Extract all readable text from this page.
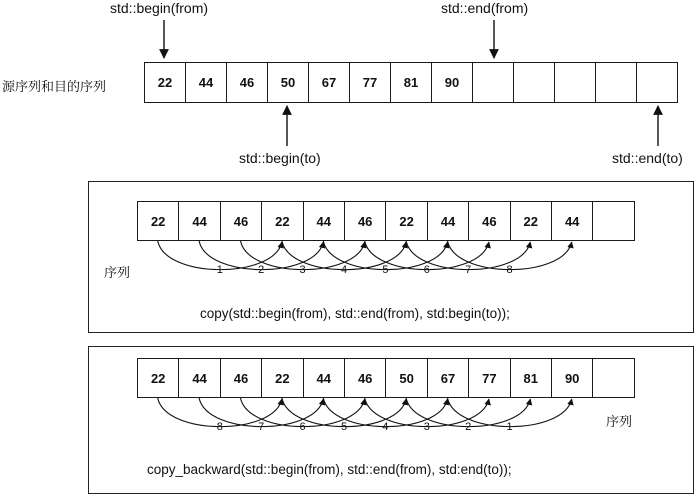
源序列和目的序列
std::begin(from)	std::end(from)
std::begin(to)	std::end(to)
22	44	46	50	67	77	81	90
22	44	46	22	44	46	22	44	46	22	44
1	2	3	4	5	6	7	8
序列
copy(std::begin(from), std::end(from), std:begin(to));
22	44	46	22	44	46	50	67	77	81	90
8	7	6	5	4	3	2	1	序列
copy_backward(std::begin(from), std::end(from), std:end(to));
